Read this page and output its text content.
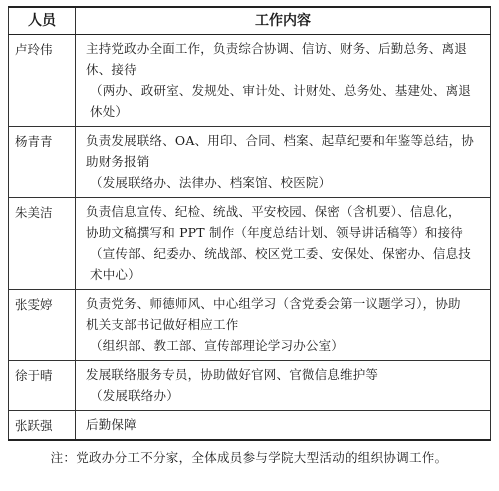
人员	工作内容
卢玲伟	主持党政办全面工作，负责综合协调、信访、财务、后勤总务、离退
休、接待
（两办、政研室、发规处、审计处、计财处、总务处、基建处、离退
休处）

杨青青	负责发展联络、OA、用印、合同、档案、起草纪要和年鉴等总结，协
助财务报销
（发展联络办、法律办、档案馆、校医院）

朱美洁	负责信息宣传、纪检、统战、平安校园、保密（含机要）、信息化，
协助文稿撰写和 PPT 制作（年度总结计划、领导讲话稿等）和接待
（宣传部、纪委办、统战部、校区党工委、安保处、保密办、信息技
术中心）

张雯婷	负责党务、师德师风、中心组学习（含党委会第一议题学习），协助
机关支部书记做好相应工作
（组织部、教工部、宣传部理论学习办公室）

徐于晴	发展联络服务专员，协助做好官网、官微信息维护等
（发展联络办）

张跃强	后勤保障
注：党政办分工不分家，全体成员参与学院大型活动的组织协调工作。
